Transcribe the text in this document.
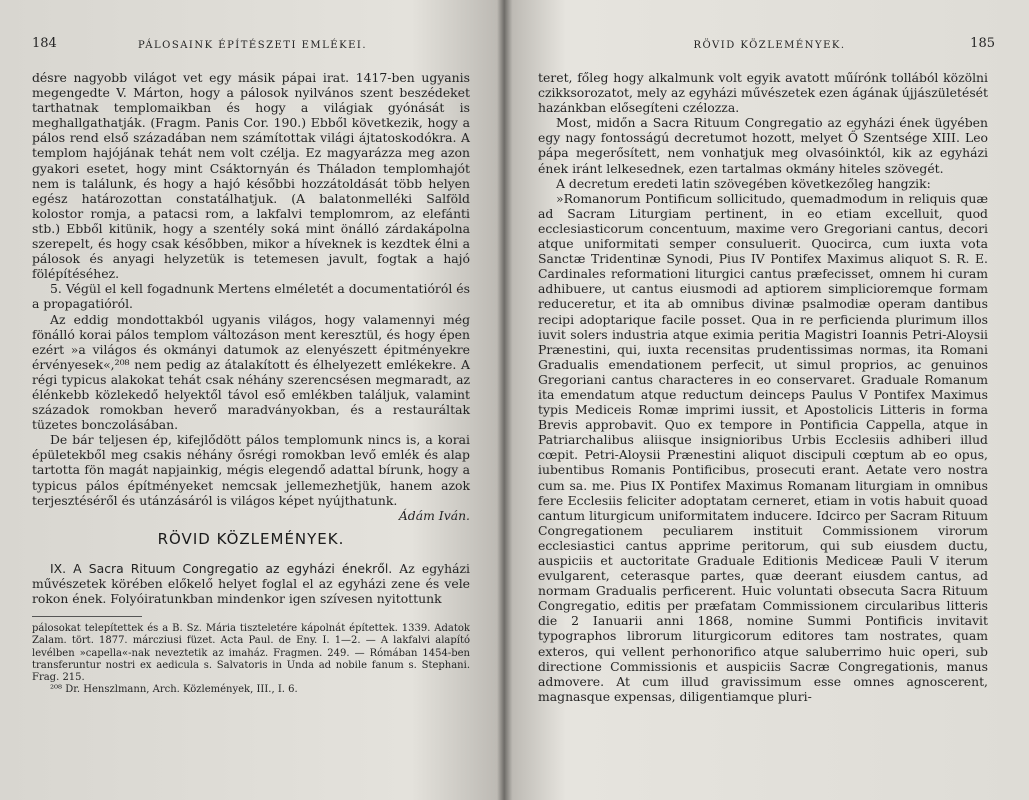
184	PÁLOSAINK ÉPÍTÉSZETI EMLÉKEI.

désre nagyobb világot vet egy másik pápai irat. 1417-ben ugyanis megengedte V. Márton, hogy a pálosok nyilvános szent beszédeket tarthatnak templomaikban és hogy a világiak gyónását is meghallgathatják. (Fragm. Panis Cor. 190.) Ebből következik, hogy a pálos rend első századában nem számítottak világi ájtatoskodókra. A templom hajójának tehát nem volt czélja. Ez magyarázza meg azon gyakori esetet, hogy mint Csáktornyán és Tháladon templomhajót nem is találunk, és hogy a hajó későbbi hozzátoldását több helyen egész határozottan constatálhatjuk. (A balatonmelléki Salföld kolostor romja, a patacsi rom, a lakfalvi templomrom, az elefánti stb.) Ebből kitünik, hogy a szentély soká mint önálló zárdakápolna szerepelt, és hogy csak későbben, mikor a híveknek is kezdtek élni a pálosok és anyagi helyzetük is tetemesen javult, fogtak a hajó fölépítéséhez.

5. Végül el kell fogadnunk Mertens elméletét a documentatióról és a propagatióról.

Az eddig mondottakból ugyanis világos, hogy valamennyi még fönálló korai pálos templom változáson ment keresztül, és hogy épen ezért »a világos és okmányi datumok az elenyészett épitményekre érvényesek«,²⁰⁸ nem pedig az átalakított és élhelyezett emlékekre. A régi typicus alakokat tehát csak néhány szerencsésen megmaradt, az élénkebb közlekedő helyektől távol eső emlékben találjuk, valamint századok romokban heverő maradványokban, és a restauráltak tüzetes bonczolásában.

De bár teljesen ép, kifejlődött pálos templomunk nincs is, a korai épületekből meg csakis néhány ősrégi romokban levő emlék és alap tartotta fön magát napjainkig, mégis elegendő adattal bírunk, hogy a typicus pálos építményeket nemcsak jellemezhetjük, hanem azok terjesztéséről és utánzásáról is világos képet nyújthatunk.
Ádám Iván.

RÖVID KÖZLEMÉNYEK.

IX. A Sacra Rituum Congregatio az egyházi énekről. Az egyházi művészetek körében előkelő helyet foglal el az egyházi zene és vele rokon ének. Folyóiratunkban mindenkor igen szívesen nyitottunk

pálosokat telepítettek és a B. Sz. Mária tiszteletére kápolnát építettek. 1339. Adatok Zalam. tört. 1877. márcziusi füzet. Acta Paul. de Eny. I. 1—2. — A lakfalvi alapító levélben »capella«-nak neveztetik az imaház. Fragmen. 249. — Rómában 1454-ben transferuntur nostri ex aedicula s. Salvatoris in Unda ad nobile fanum s. Stephani. Frag. 215.

²⁰⁸ Dr. Henszlmann, Arch. Közlemények, III., I. 6.

185
RÖVID KÖZLEMÉNYEK.

teret, főleg hogy alkalmunk volt egyik avatott műírónk tollából közölni czikksorozatot, mely az egyházi művészetek ezen ágának újjászületését hazánkban elősegíteni czélozza.

Most, midőn a Sacra Rituum Congregatio az egyházi ének ügyében egy nagy fontosságú decretumot hozott, melyet Ő Szentsége XIII. Leo pápa megerősített, nem vonhatjuk meg olvasóinktól, kik az egyházi ének iránt lelkesednek, ezen tartalmas okmány hiteles szövegét.

A decretum eredeti latin szövegében következőleg hangzik:

»Romanorum Pontificum sollicitudo, quemadmodum in reliquis quæ ad Sacram Liturgiam pertinent, in eo etiam excelluit, quod ecclesiasticorum concentuum, maxime vero Gregoriani cantus, decori atque uniformitati semper consuluerit. Quocirca, cum iuxta vota Sanctæ Tridentinæ Synodi, Pius IV Pontifex Maximus aliquot S. R. E. Cardinales reformationi liturgici cantus præfecisset, omnem hi curam adhibuere, ut cantus eiusmodi ad aptiorem simplicioremque formam reduceretur, et ita ab omnibus divinæ psalmodiæ operam dantibus recipi adoptarique facile posset. Qua in re perficienda plurimum illos iuvit solers industria atque eximia peritia Magistri Ioannis Petri-Aloysii Prænestini, qui, iuxta recensitas prudentissimas normas, ita Romani Gradualis emendationem perfecit, ut simul proprios, ac genuinos Gregoriani cantus characteres in eo conservaret. Graduale Romanum ita emendatum atque reductum deinceps Paulus V Pontifex Maximus typis Mediceis Romæ imprimi iussit, et Apostolicis Litteris in forma Brevis approbavit. Quo ex tempore in Pontificia Cappella, atque in Patriarchalibus aliisque insignioribus Urbis Ecclesiis adhiberi illud cœpit. Petri-Aloysii Prænestini aliquot discipuli cœptum ab eo opus, iubentibus Romanis Pontificibus, prosecuti erant. Aetate vero nostra cum sa. me. Pius IX Pontifex Maximus Romanam liturgiam in omnibus fere Ecclesiis feliciter adoptatam cerneret, etiam in votis habuit quoad cantum liturgicum uniformitatem inducere. Idcirco per Sacram Rituum Congregationem peculiarem instituit Commissionem virorum ecclesiastici cantus apprime peritorum, qui sub eiusdem ductu, auspiciis et auctoritate Graduale Editionis Mediceæ Pauli V iterum evulgarent, ceterasque partes, quæ deerant eiusdem cantus, ad normam Gradualis perficerent. Huic voluntati obsecuta Sacra Rituum Congregatio, editis per præfatam Commissionem circularibus litteris die 2 Ianuarii anni 1868, nomine Summi Pontificis invitavit typographos librorum liturgicorum editores tam nostrates, quam exteros, qui vellent perhonorifico atque saluberrimo huic operi, sub directione Commissionis et auspiciis Sacræ Congregationis, manus admovere. At cum illud gravissimum esse omnes agnoscerent, magnasque expensas, diligentiamque pluri-
